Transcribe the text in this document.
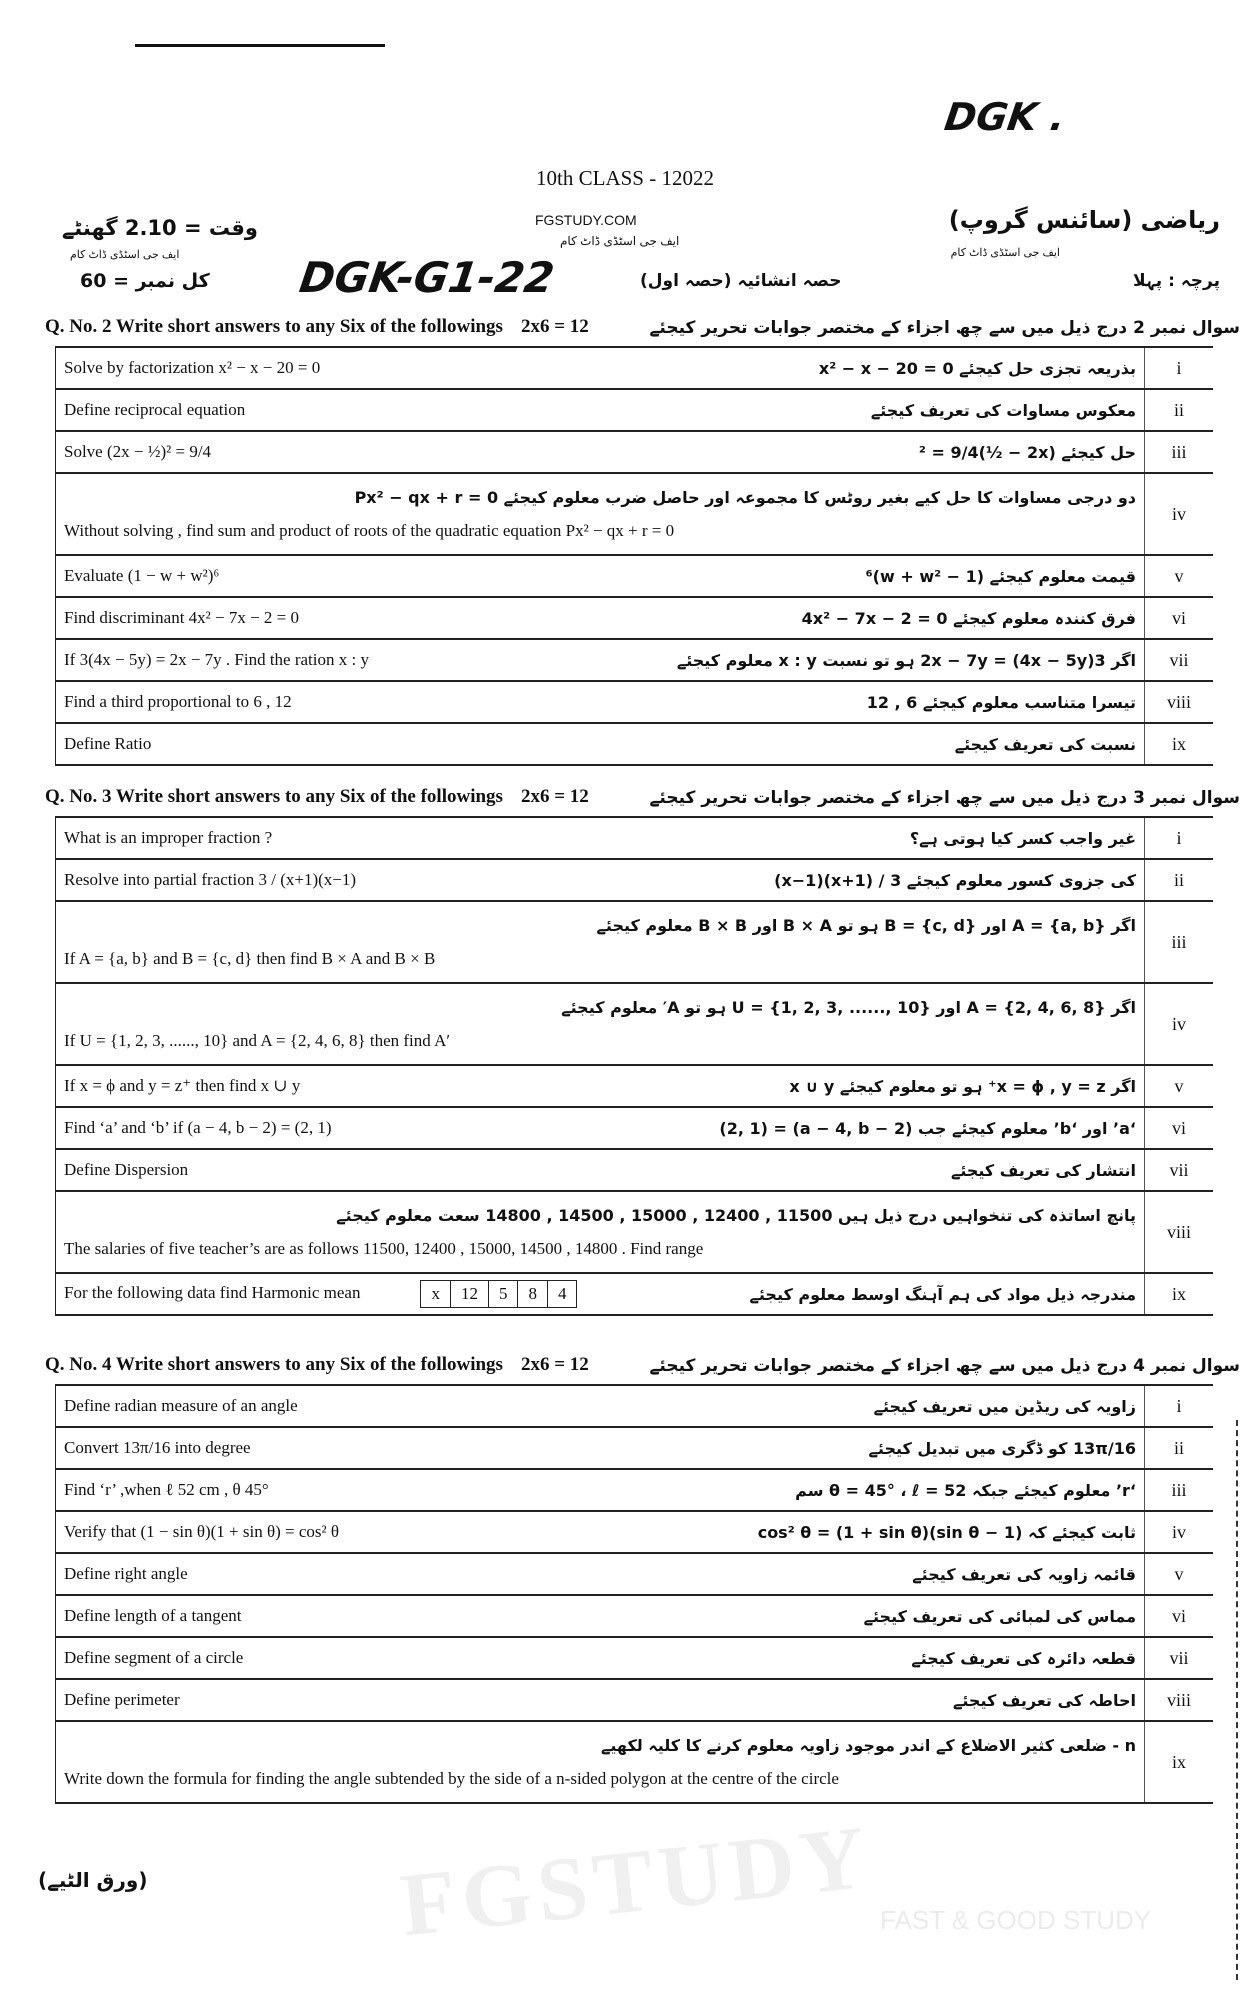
DGK .
10th CLASS - 12022
ریاضی (سائنس گروپ)
ایف جی اسٹڈی ڈاٹ کام
پرچہ : پہلا
وقت = 2.10 گھنٹے
ایف جی اسٹڈی ڈاٹ کام
کل نمبر = 60
FGSTUDY.COM
ایف جی اسٹڈی ڈاٹ کام
DGK-G1-22	حصہ انشائیہ (حصہ اول)
Q. No. 2 Write short answers to any Six of the followings 2x6 = 12	سوال نمبر 2 درج ذیل میں سے چھ اجزاء کے مختصر جوابات تحریر کیجئے
Solve by factorization x² − x − 20 = 0 بذریعہ تجزی حل کیجئے x² − x − 20 = 0	i

Define reciprocal equation معکوس مساوات کی تعریف کیجئے	ii

Solve (2x − ½)² = 9/4 حل کیجئے (2x − ½)² = 9/4	iii

دو درجی مساوات کا حل کیے بغیر روٹس کا مجموعہ اور حاصل ضرب معلوم کیجئے Px² − qx + r = 0
Without solving , find sum and product of roots of the quadratic equation Px² − qx + r = 0	iv

Evaluate (1 − w + w²)⁶ قیمت معلوم کیجئے (1 − w + w²)⁶	v

Find discriminant 4x² − 7x − 2 = 0 فرق کنندہ معلوم کیجئے 4x² − 7x − 2 = 0	vi

If 3(4x − 5y) = 2x − 7y . Find the ration x : y اگر 3(4x − 5y) = 2x − 7y ہو تو نسبت x : y معلوم کیجئے	vii

Find a third proportional to 6 , 12 تیسرا متناسب معلوم کیجئے 6 , 12	viii

Define Ratio نسبت کی تعریف کیجئے	ix
Q. No. 3 Write short answers to any Six of the followings 2x6 = 12	سوال نمبر 3 درج ذیل میں سے چھ اجزاء کے مختصر جوابات تحریر کیجئے
What is an improper fraction ?	غیر واجب کسر کیا ہوتی ہے؟	i

Resolve into partial fraction 3 / (x+1)(x−1)	کی جزوی کسور معلوم کیجئے 3 / (x+1)(x−1)	ii

اگر A = {a, b} اور B = {c, d} ہو تو B × A اور B × B معلوم کیجئے
If A = {a, b} and B = {c, d} then find B × A and B × B
	iii

اگر A = {2, 4, 6, 8} اور U = {1, 2, 3, ......, 10} ہو تو A′ معلوم کیجئے
If U = {1, 2, 3, ......, 10} and A = {2, 4, 6, 8} then find A′
	iv

If x = ϕ and y = z⁺ then find x ∪ y	اگر x = ϕ , y = z⁺ ہو تو معلوم کیجئے x ∪ y	v

Find ‘a’ and ‘b’ if (a − 4, b − 2) = (2, 1)	‘a’ اور ‘b’ معلوم کیجئے جب (a − 4, b − 2) = (2, 1)	vi

Define Dispersion	انتشار کی تعریف کیجئے	vii

پانچ اساتذہ کی تنخواہیں درج ذیل ہیں 11500 , 12400 , 15000 , 14500 , 14800 سعت معلوم کیجئے
The salaries of five teacher’s are as follows 11500, 12400 , 15000, 14500 , 14800 . Find range
	viii

For the following data find Harmonic mean	x	12	5	8	4	مندرجہ ذیل مواد کی ہم آہنگ اوسط معلوم کیجئے	ix
Q. No. 4 Write short answers to any Six of the followings 2x6 = 12	سوال نمبر 4 درج ذیل میں سے چھ اجزاء کے مختصر جوابات تحریر کیجئے
Define radian measure of an angle زاویہ کی ریڈین میں تعریف کیجئے	i

Convert 13π/16 into degree 13π/16 کو ڈگری میں تبدیل کیجئے	ii

Find ‘r’ ,when ℓ 52 cm , θ 45° ‘r’ معلوم کیجئے جبکہ θ = 45° ، ℓ = 52 سم	iii

Verify that (1 − sin θ)(1 + sin θ) = cos² θ ثابت کیجئے کہ (1 − sin θ)(1 + sin θ) = cos² θ	iv

Define right angle قائمہ زاویہ کی تعریف کیجئے	v

Define length of a tangent مماس کی لمبائی کی تعریف کیجئے	vi

Define segment of a circle قطعہ دائرہ کی تعریف کیجئے	vii

Define perimeter احاطہ کی تعریف کیجئے	viii

n - ضلعی کثیر الاضلاع کے اندر موجود زاویہ معلوم کرنے کا کلیہ لکھیے
Write down the formula for finding the angle subtended by the side of a n-sided polygon at the centre of the circle	ix
(ورق الٹیے)	FGSTUDY FAST & GOOD STUDY
